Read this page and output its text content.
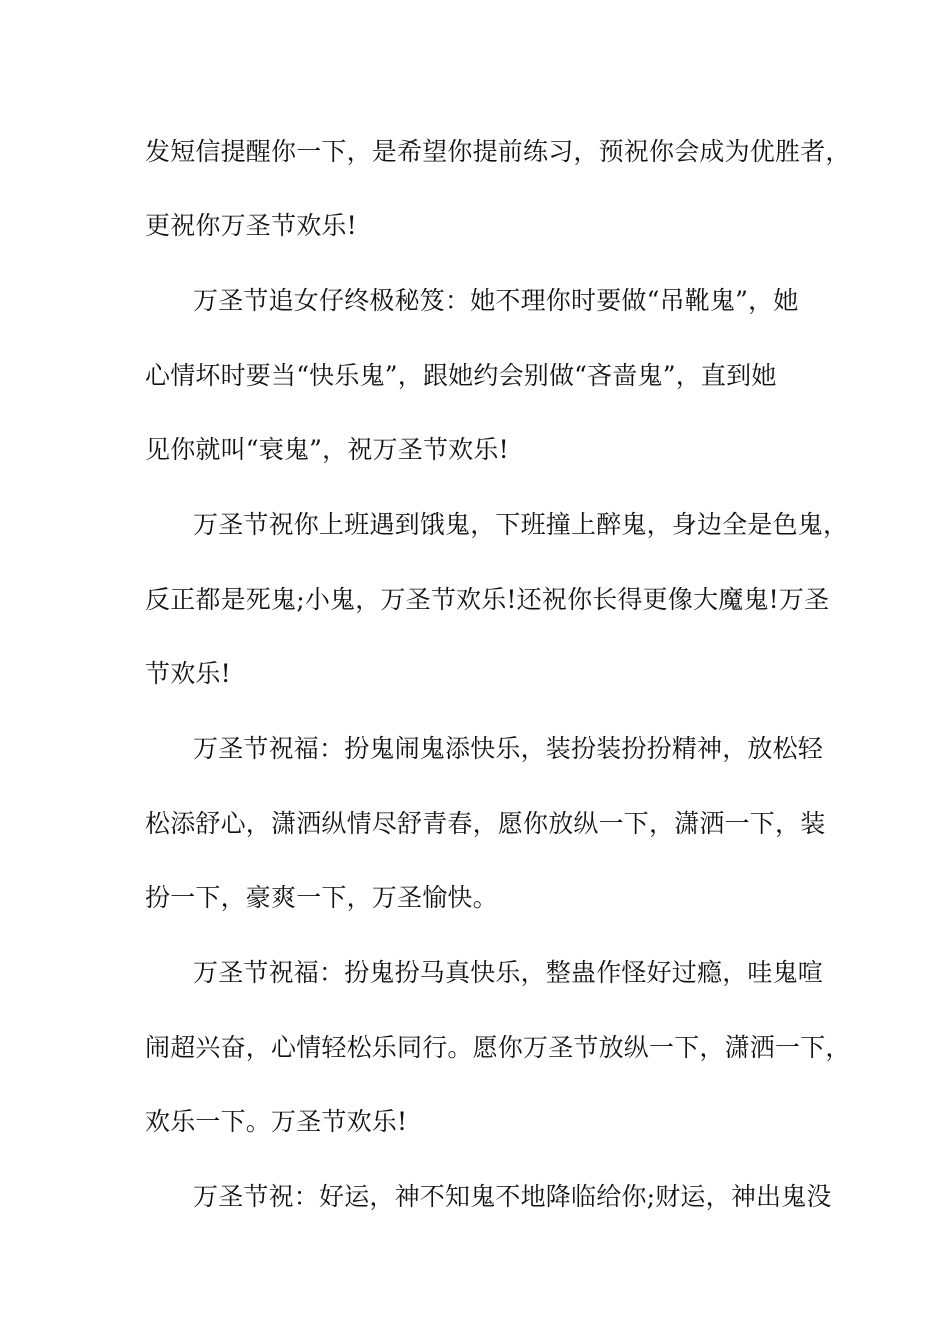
发短信提醒你一下，是希望你提前练习，预祝你会成为优胜者，
更祝你万圣节欢乐!
万圣节追女仔终极秘笈：她不理你时要做“吊靴鬼”，她
心情坏时要当“快乐鬼”，跟她约会别做“吝啬鬼”，直到她
见你就叫“衰鬼”，祝万圣节欢乐!
万圣节祝你上班遇到饿鬼，下班撞上醉鬼，身边全是色鬼，
反正都是死鬼;小鬼，万圣节欢乐!还祝你长得更像大魔鬼!万圣
节欢乐!
万圣节祝福：扮鬼闹鬼添快乐，装扮装扮扮精神，放松轻
松添舒心，潇洒纵情尽舒青春，愿你放纵一下，潇洒一下，装
扮一下，豪爽一下，万圣愉快。
万圣节祝福：扮鬼扮马真快乐，整蛊作怪好过瘾，哇鬼喧
闹超兴奋，心情轻松乐同行。愿你万圣节放纵一下，潇洒一下，
欢乐一下。万圣节欢乐!
万圣节祝：好运，神不知鬼不地降临给你;财运，神出鬼没
